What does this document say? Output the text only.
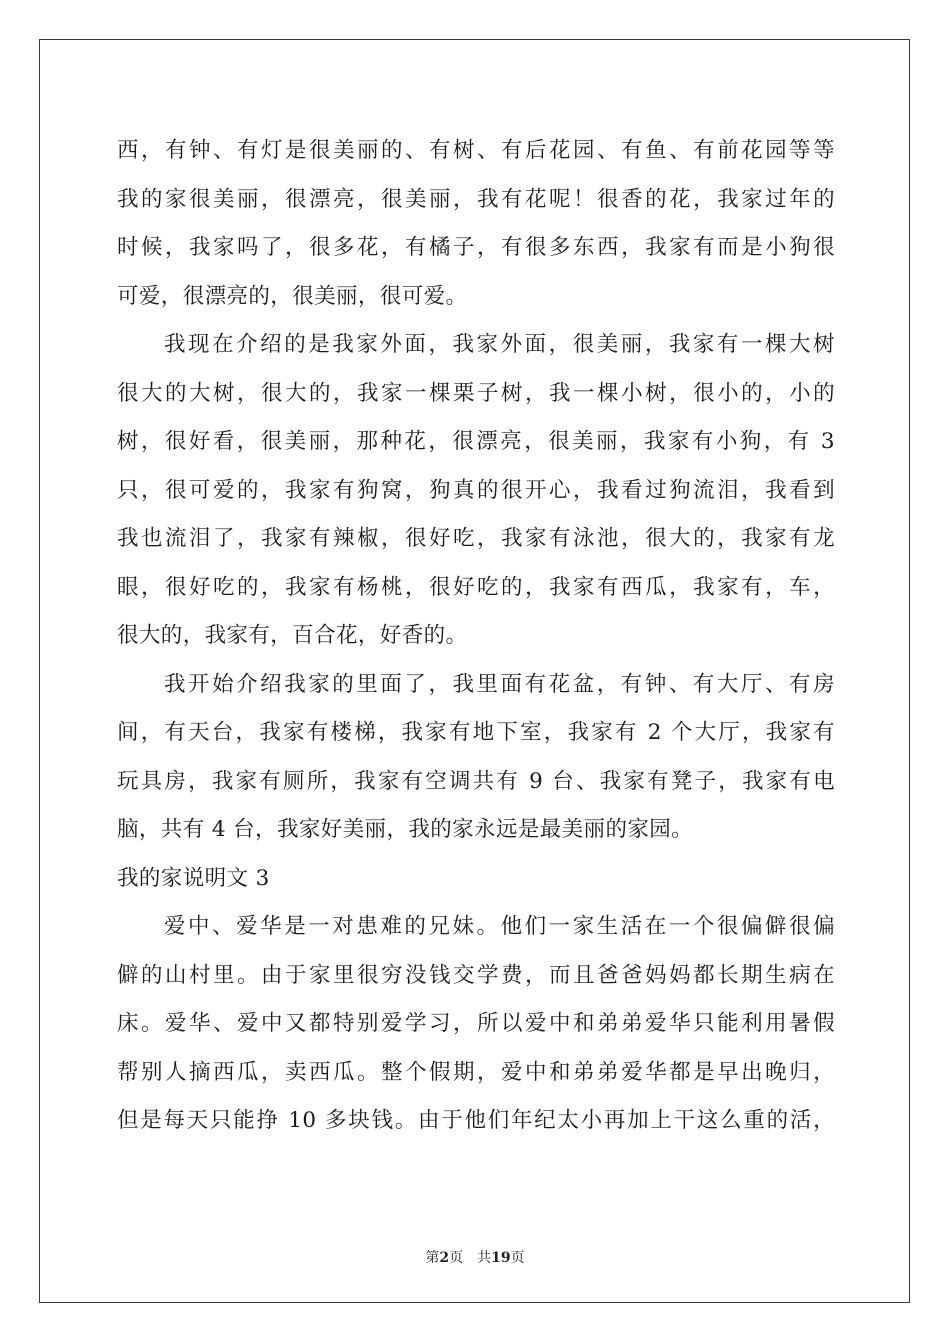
西，有钟、有灯是很美丽的、有树、有后花园、有鱼、有前花园等等
我的家很美丽，很漂亮，很美丽，我有花呢！很香的花，我家过年的
时候，我家吗了，很多花，有橘子，有很多东西，我家有而是小狗很
可爱，很漂亮的，很美丽，很可爱。
我现在介绍的是我家外面，我家外面，很美丽，我家有一棵大树
很大的大树，很大的，我家一棵栗子树，我一棵小树，很小的，小的
树，很好看，很美丽，那种花，很漂亮，很美丽，我家有小狗，有 3
只，很可爱的，我家有狗窝，狗真的很开心，我看过狗流泪，我看到
我也流泪了，我家有辣椒，很好吃，我家有泳池，很大的，我家有龙
眼，很好吃的，我家有杨桃，很好吃的，我家有西瓜，我家有，车，
很大的，我家有，百合花，好香的。
我开始介绍我家的里面了，我里面有花盆，有钟、有大厅、有房
间，有天台，我家有楼梯，我家有地下室，我家有 2 个大厅，我家有
玩具房，我家有厕所，我家有空调共有 9 台、我家有凳子，我家有电
脑，共有 4 台，我家好美丽，我的家永远是最美丽的家园。
我的家说明文 3
爱中、爱华是一对患难的兄妹。他们一家生活在一个很偏僻很偏
僻的山村里。由于家里很穷没钱交学费，而且爸爸妈妈都长期生病在
床。爱华、爱中又都特别爱学习，所以爱中和弟弟爱华只能利用暑假
帮别人摘西瓜，卖西瓜。整个假期，爱中和弟弟爱华都是早出晚归，
但是每天只能挣 10 多块钱。由于他们年纪太小再加上干这么重的活，
第2页 共19页
